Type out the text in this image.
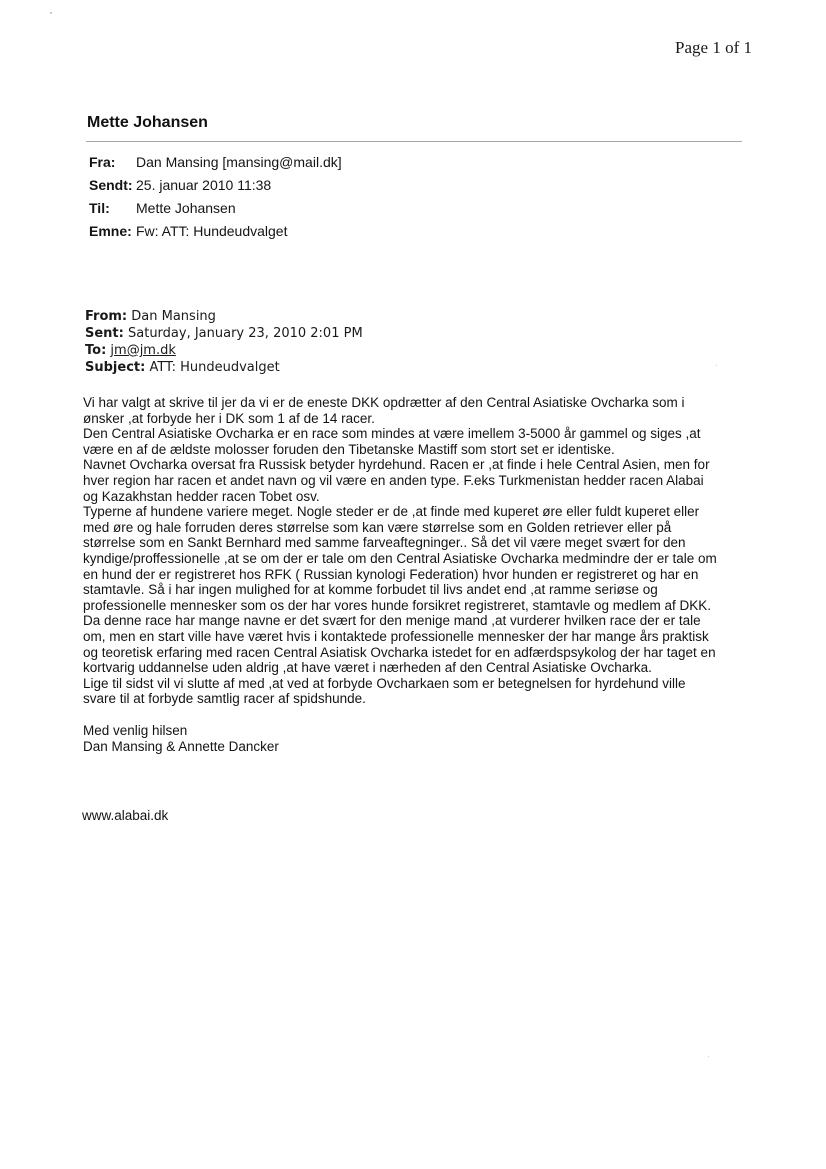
Page 1 of 1
Mette Johansen
Fra: Dan Mansing [mansing@mail.dk]
Sendt: 25. januar 2010 11:38
Til: Mette Johansen
Emne: Fw: ATT: Hundeudvalget
From: Dan Mansing
Sent: Saturday, January 23, 2010 2:01 PM
To: jm@jm.dk
Subject: ATT: Hundeudvalget
Vi har valgt at skrive til jer da vi er de eneste DKK opdrætter af den Central Asiatiske Ovcharka som i
ønsker ,at forbyde her i DK som 1 af de 14 racer.
Den Central Asiatiske Ovcharka er en race som mindes at være imellem 3-5000 år gammel og siges ,at
være en af de ældste molosser foruden den Tibetanske Mastiff som stort set er identiske.
Navnet Ovcharka oversat fra Russisk betyder hyrdehund. Racen er ,at finde i hele Central Asien, men for
hver region har racen et andet navn og vil være en anden type. F.eks Turkmenistan hedder racen Alabai
og Kazakhstan hedder racen Tobet osv.
Typerne af hundene variere meget. Nogle steder er de ,at finde med kuperet øre eller fuldt kuperet eller
med øre og hale forruden deres størrelse som kan være størrelse som en Golden retriever eller på
størrelse som en Sankt Bernhard med samme farveaftegninger.. Så det vil være meget svært for den
kyndige/proffessionelle ,at se om der er tale om den Central Asiatiske Ovcharka medmindre der er tale om
en hund der er registreret hos RFK ( Russian kynologi Federation) hvor hunden er registreret og har en
stamtavle. Så i har ingen mulighed for at komme forbudet til livs andet end ,at ramme seriøse og
professionelle mennesker som os der har vores hunde forsikret registreret, stamtavle og medlem af DKK.
Da denne race har mange navne er det svært for den menige mand ,at vurderer hvilken race der er tale
om, men en start ville have været hvis i kontaktede professionelle mennesker der har mange års praktisk
og teoretisk erfaring med racen Central Asiatisk Ovcharka istedet for en adfærdspsykolog der har taget en
kortvarig uddannelse uden aldrig ,at have været i nærheden af den Central Asiatiske Ovcharka.
Lige til sidst vil vi slutte af med ,at ved at forbyde Ovcharkaen som er betegnelsen for hyrdehund ville
svare til at forbyde samtlig racer af spidshunde.
Med venlig hilsen
Dan Mansing & Annette Dancker
www.alabai.dk
